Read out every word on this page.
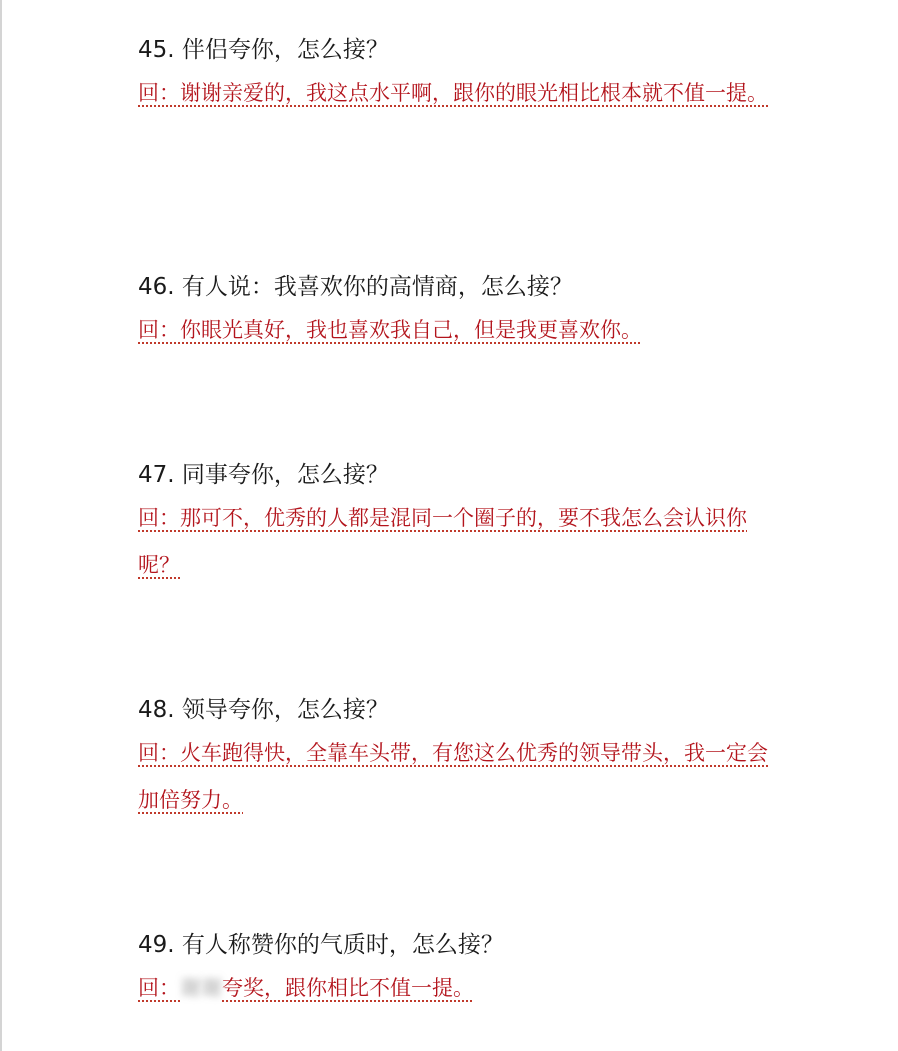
45. 伴侣夸你，怎么接？

回：谢谢亲爱的，我这点水平啊，跟你的眼光相比根本就不值一提。

46. 有人说：我喜欢你的高情商，怎么接？

回：你眼光真好，我也喜欢我自己，但是我更喜欢你。

47. 同事夸你，怎么接？

回：那可不，优秀的人都是混同一个圈子的，要不我怎么会认识你呢？

48. 领导夸你，怎么接？

回：火车跑得快，全靠车头带，有您这么优秀的领导带头，我一定会加倍努力。

49. 有人称赞你的气质时，怎么接？

回：谢谢夸奖，跟你相比不值一提。
